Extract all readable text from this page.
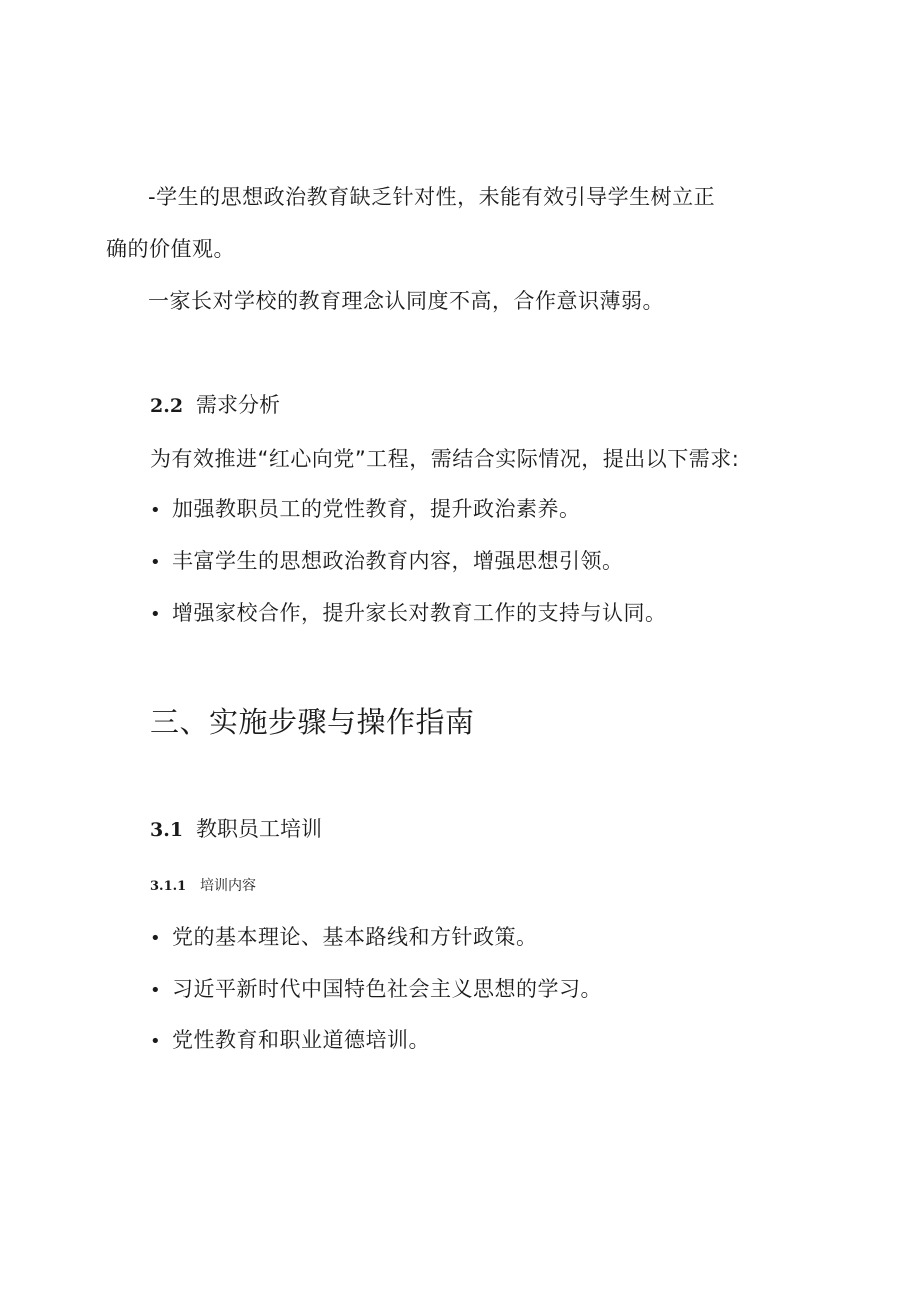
-学生的思想政治教育缺乏针对性，未能有效引导学生树立正
确的价值观。
一家长对学校的教育理念认同度不高，合作意识薄弱。
2.2 需求分析
为有效推进“红心向党”工程，需结合实际情况，提出以下需求:
• 加强教职员工的党性教育，提升政治素养。
• 丰富学生的思想政治教育内容，增强思想引领。
• 增强家校合作，提升家长对教育工作的支持与认同。
三、实施步骤与操作指南
3.1 教职员工培训
3.1.1 培训内容
• 党的基本理论、基本路线和方针政策。
• 习近平新时代中国特色社会主义思想的学习。
• 党性教育和职业道德培训。
